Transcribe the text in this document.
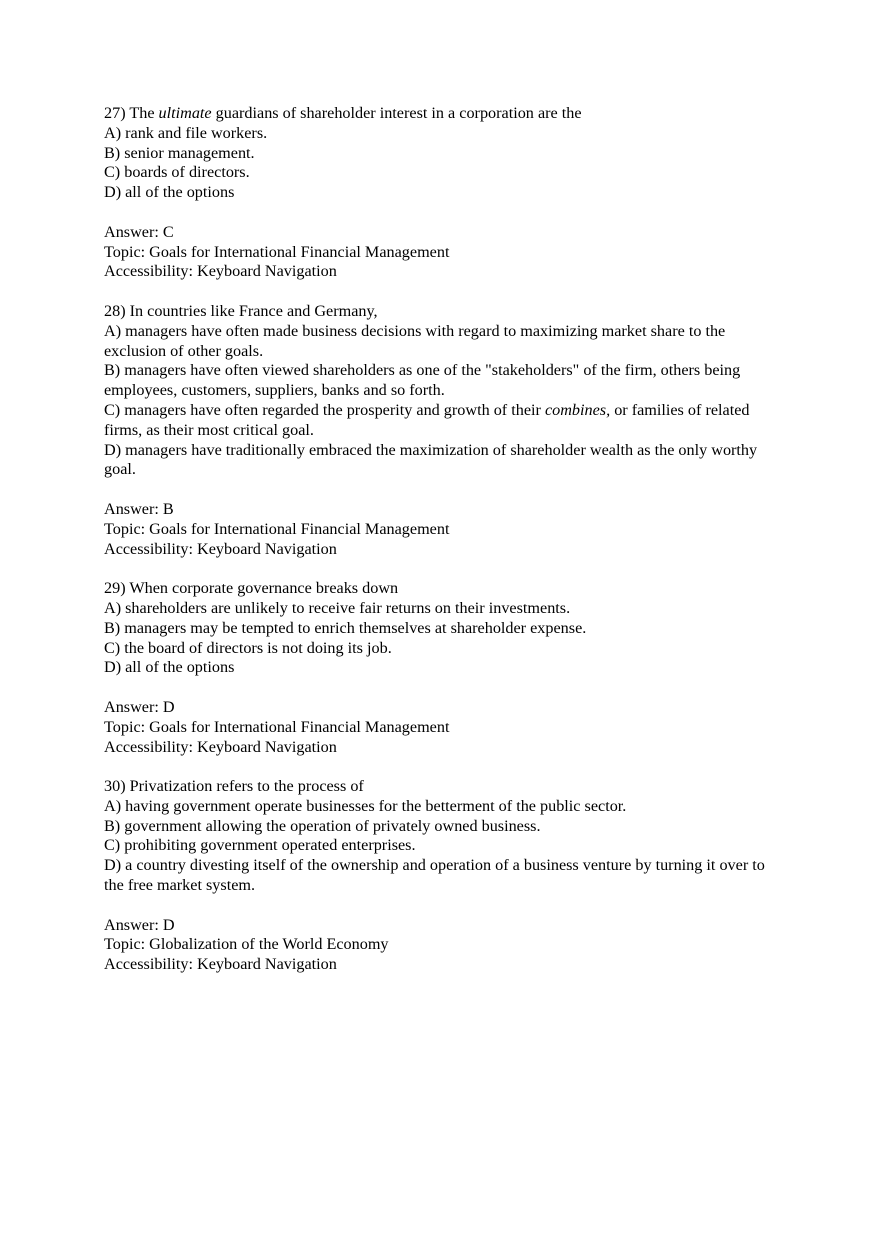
27) The ultimate guardians of shareholder interest in a corporation are the
A) rank and file workers.
B) senior management.
C) boards of directors.
D) all of the options
Answer: C
Topic: Goals for International Financial Management
Accessibility: Keyboard Navigation
28) In countries like France and Germany,
A) managers have often made business decisions with regard to maximizing market share to the exclusion of other goals.
B) managers have often viewed shareholders as one of the "stakeholders" of the firm, others being employees, customers, suppliers, banks and so forth.
C) managers have often regarded the prosperity and growth of their combines, or families of related firms, as their most critical goal.
D) managers have traditionally embraced the maximization of shareholder wealth as the only worthy goal.
Answer: B
Topic: Goals for International Financial Management
Accessibility: Keyboard Navigation
29) When corporate governance breaks down
A) shareholders are unlikely to receive fair returns on their investments.
B) managers may be tempted to enrich themselves at shareholder expense.
C) the board of directors is not doing its job.
D) all of the options
Answer: D
Topic: Goals for International Financial Management
Accessibility: Keyboard Navigation
30) Privatization refers to the process of
A) having government operate businesses for the betterment of the public sector.
B) government allowing the operation of privately owned business.
C) prohibiting government operated enterprises.
D) a country divesting itself of the ownership and operation of a business venture by turning it over to the free market system.
Answer: D
Topic: Globalization of the World Economy
Accessibility: Keyboard Navigation
